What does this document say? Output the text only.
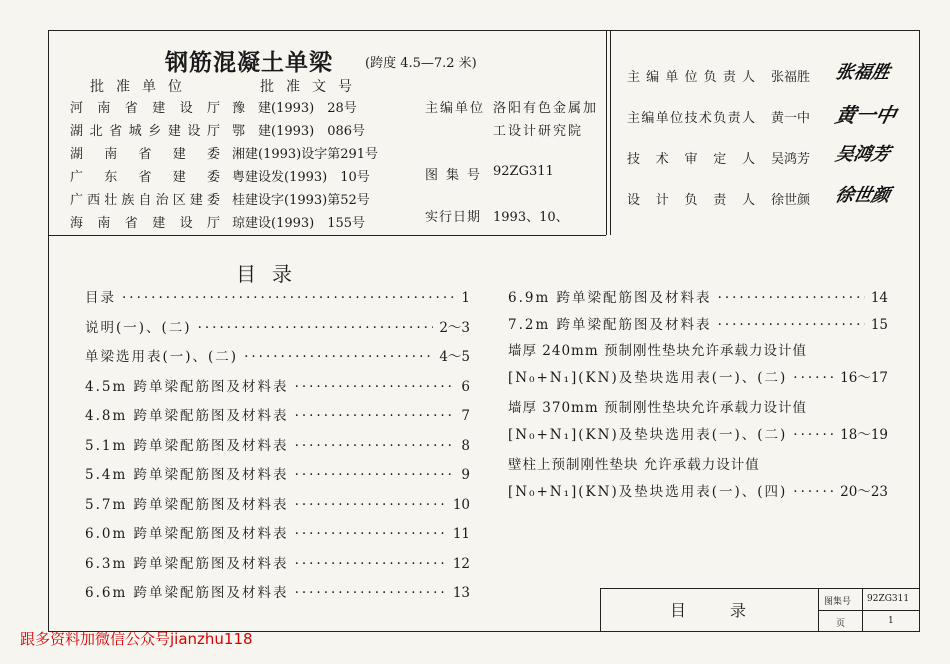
钢筋混凝土单梁 (跨度 4.5—7.2 米)
批准单位	批准文号
河南省建设厅 豫　建(1993)　28号
湖北省城乡建设厅 鄂　建(1993)　086号
湖南省建委 湘建(1993)设字第291号
广东省建委 粤建设发(1993)　10号
广西壮族自治区建委 桂建设字(1993)第52号
海南省建设厅 琼建设(1993)　155号
主编单位 洛阳有色金属加
工设计研究院
图集号 92ZG311
实行日期 1993、10、
主编单位负责人 张福胜 张福胜
主编单位技术负责人 黄一中 黄一中
技术审定人 吴鸿芳 吴鸿芳
设计负责人 徐世颜 徐世颜
目录
目录 ·····	1
说明(一)、(二) ·····	2～3
单梁选用表(一)、(二) ·····	4～5
4.5m 跨单梁配筋图及材料表 ·····	6
4.8m 跨单梁配筋图及材料表 ·····	7
5.1m 跨单梁配筋图及材料表 ·····	8
5.4m 跨单梁配筋图及材料表 ·····	9
5.7m 跨单梁配筋图及材料表 ·····	10
6.0m 跨单梁配筋图及材料表 ·····	11
6.3m 跨单梁配筋图及材料表 ·····	12
6.6m 跨单梁配筋图及材料表 ·····	13
6.9m 跨单梁配筋图及材料表 ·····	14
7.2m 跨单梁配筋图及材料表 ·····	15
墙厚 240mm 预制刚性垫块允许承载力设计值
[N₀+N₁](KN)及垫块选用表(一)、(二) ·····	16～17
墙厚 370mm 预制刚性垫块允许承载力设计值
[N₀+N₁](KN)及垫块选用表(一)、(二) ·····	18～19
壁柱上预制刚性垫块 允许承载力设计值
[N₀+N₁](KN)及垫块选用表(一)、(四) ·····	20～23
目录	图集号 92ZG311
页	1
跟多资料加微信公众号jianzhu118
